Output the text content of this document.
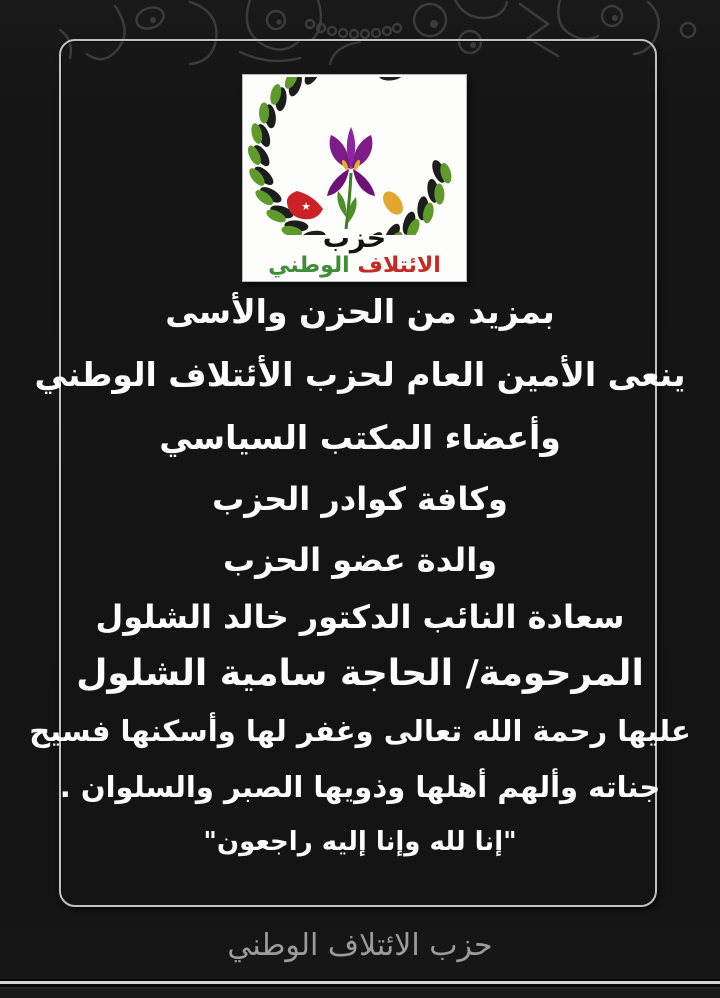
★
حزب
الائتلاف الوطني
بمزيد من الحزن والأسى
ينعى الأمين العام لحزب الأئتلاف الوطني
وأعضاء المكتب السياسي
وكافة كوادر الحزب
والدة عضو الحزب
سعادة النائب الدكتور خالد الشلول
المرحومة/ الحاجة سامية الشلول
عليها رحمة الله تعالى وغفر لها وأسكنها فسيح
جناته وألهم أهلها وذويها الصبر والسلوان .
"إنا لله وإنا إليه راجعون"
حزب الائتلاف الوطني
